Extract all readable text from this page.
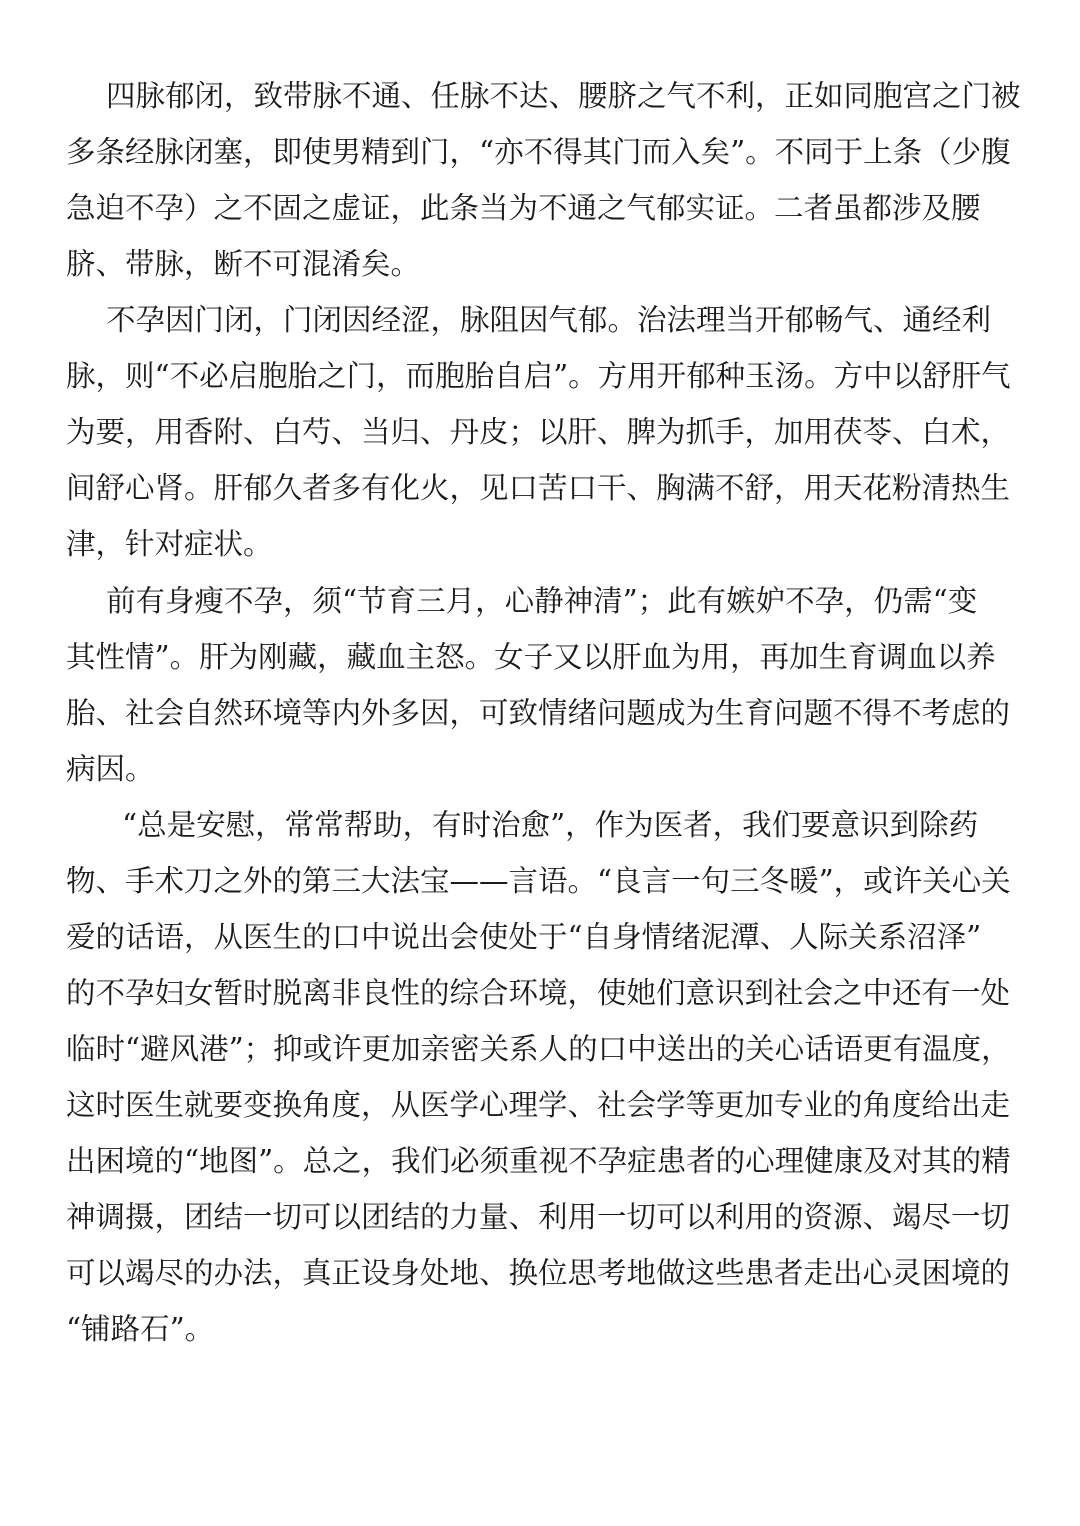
四脉郁闭，致带脉不通、任脉不达、腰脐之气不利，正如同胞宫之门被

多条经脉闭塞，即使男精到门，“亦不得其门而入矣”。不同于上条（少腹

急迫不孕）之不固之虚证，此条当为不通之气郁实证。二者虽都涉及腰

脐、带脉，断不可混淆矣。

不孕因门闭，门闭因经涩，脉阻因气郁。治法理当开郁畅气、通经利

脉，则“不必启胞胎之门，而胞胎自启”。方用开郁种玉汤。方中以舒肝气

为要，用香附、白芍、当归、丹皮；以肝、脾为抓手，加用茯苓、白术，

间舒心肾。肝郁久者多有化火，见口苦口干、胸满不舒，用天花粉清热生

津，针对症状。

前有身瘦不孕，须“节育三月，心静神清”；此有嫉妒不孕，仍需“变

其性情”。肝为刚藏，藏血主怒。女子又以肝血为用，再加生育调血以养

胎、社会自然环境等内外多因，可致情绪问题成为生育问题不得不考虑的

病因。

“总是安慰，常常帮助，有时治愈”，作为医者，我们要意识到除药

物、手术刀之外的第三大法宝——言语。“良言一句三冬暖”，或许关心关

爱的话语，从医生的口中说出会使处于“自身情绪泥潭、人际关系沼泽”

的不孕妇女暂时脱离非良性的综合环境，使她们意识到社会之中还有一处

临时“避风港”；抑或许更加亲密关系人的口中送出的关心话语更有温度，

这时医生就要变换角度，从医学心理学、社会学等更加专业的角度给出走

出困境的“地图”。总之，我们必须重视不孕症患者的心理健康及对其的精

神调摄，团结一切可以团结的力量、利用一切可以利用的资源、竭尽一切

可以竭尽的办法，真正设身处地、换位思考地做这些患者走出心灵困境的

“铺路石”。
